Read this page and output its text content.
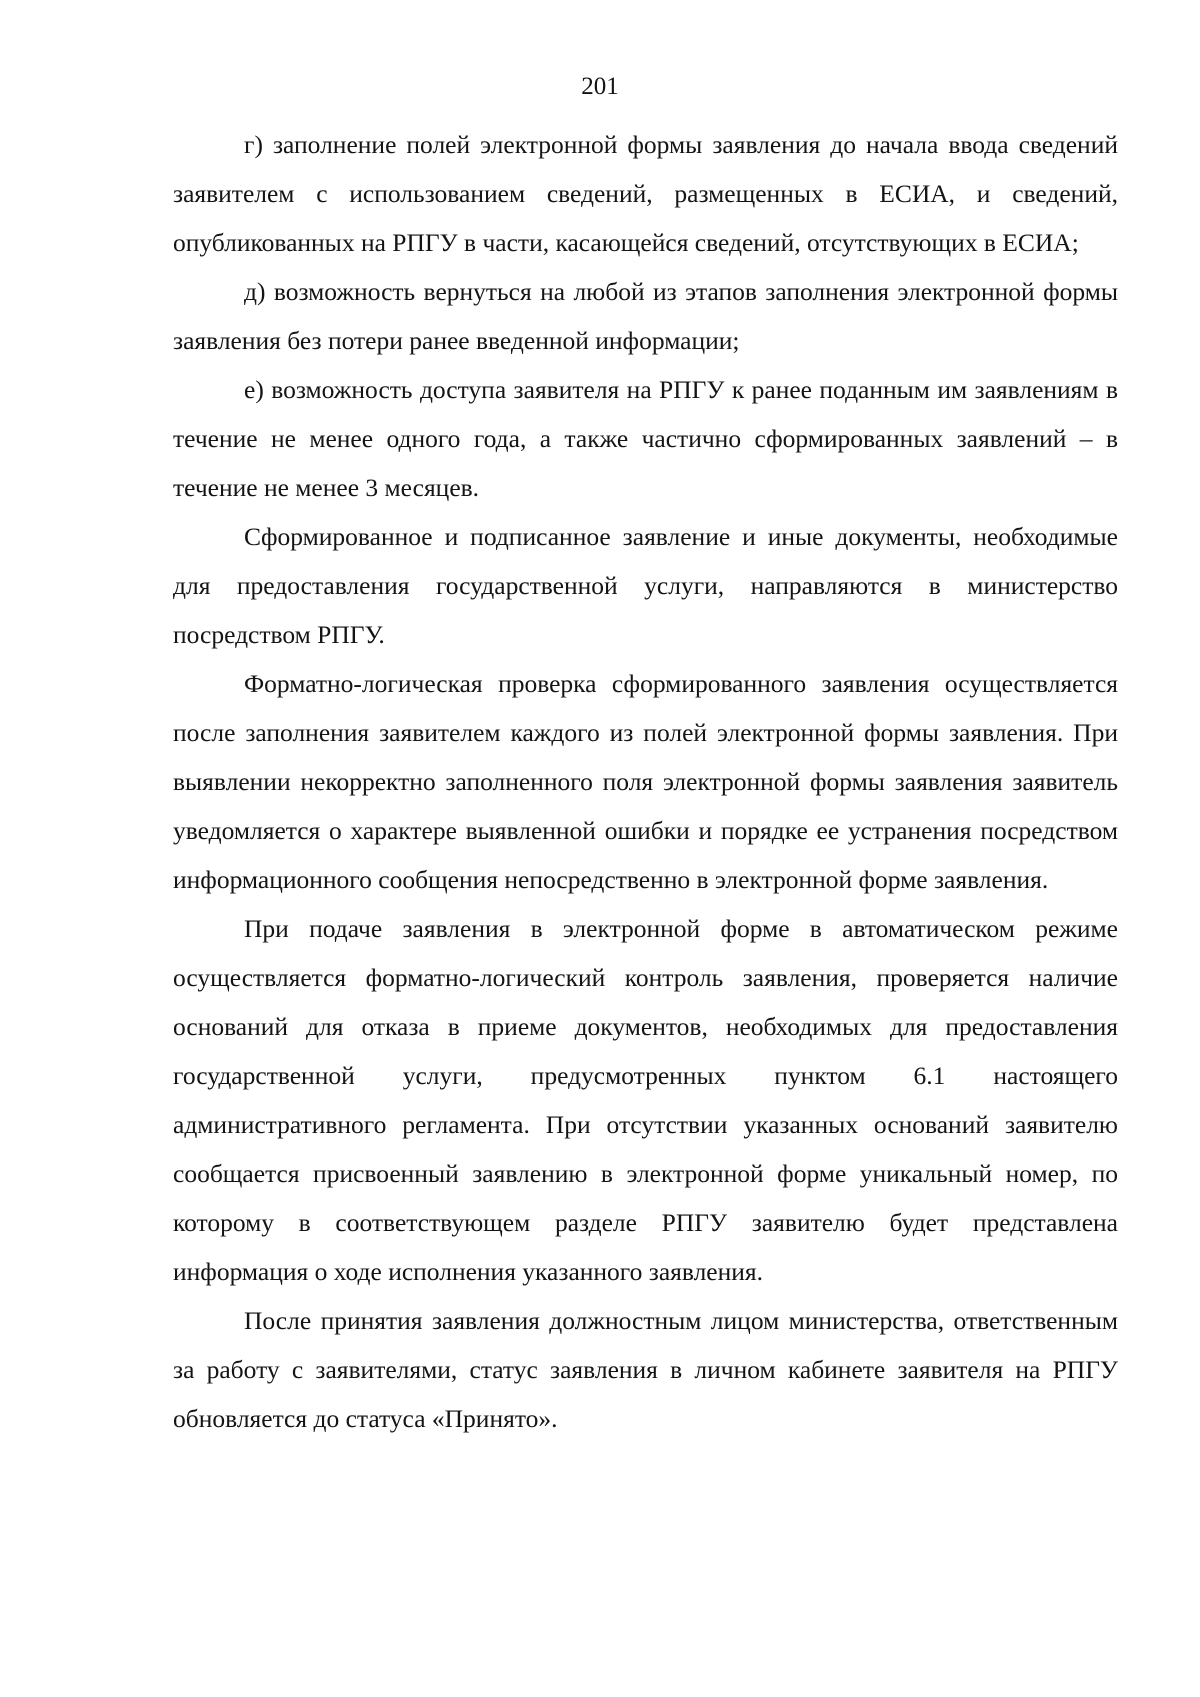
201

г) заполнение полей электронной формы заявления до начала ввода сведений заявителем с использованием сведений, размещенных в ЕСИА, и сведений, опубликованных на РПГУ в части, касающейся сведений, отсутствующих в ЕСИА;

д) возможность вернуться на любой из этапов заполнения электронной формы заявления без потери ранее введенной информации;

е) возможность доступа заявителя на РПГУ к ранее поданным им заявлениям в течение не менее одного года, а также частично сформированных заявлений – в течение не менее 3 месяцев.

Сформированное и подписанное заявление и иные документы, необходимые для предоставления государственной услуги, направляются в министерство посредством РПГУ.

Форматно-логическая проверка сформированного заявления осуществляется после заполнения заявителем каждого из полей электронной формы заявления. При выявлении некорректно заполненного поля электронной формы заявления заявитель уведомляется о характере выявленной ошибки и порядке ее устранения посредством информационного сообщения непосредственно в электронной форме заявления.

При подаче заявления в электронной форме в автоматическом режиме осуществляется форматно-логический контроль заявления, проверяется наличие оснований для отказа в приеме документов, необходимых для предоставления государственной услуги, предусмотренных пунктом 6.1 настоящего административного регламента. При отсутствии указанных оснований заявителю сообщается присвоенный заявлению в электронной форме уникальный номер, по которому в соответствующем разделе РПГУ заявителю будет представлена информация о ходе исполнения указанного заявления.

После принятия заявления должностным лицом министерства, ответственным за работу с заявителями, статус заявления в личном кабинете заявителя на РПГУ обновляется до статуса «Принято».
